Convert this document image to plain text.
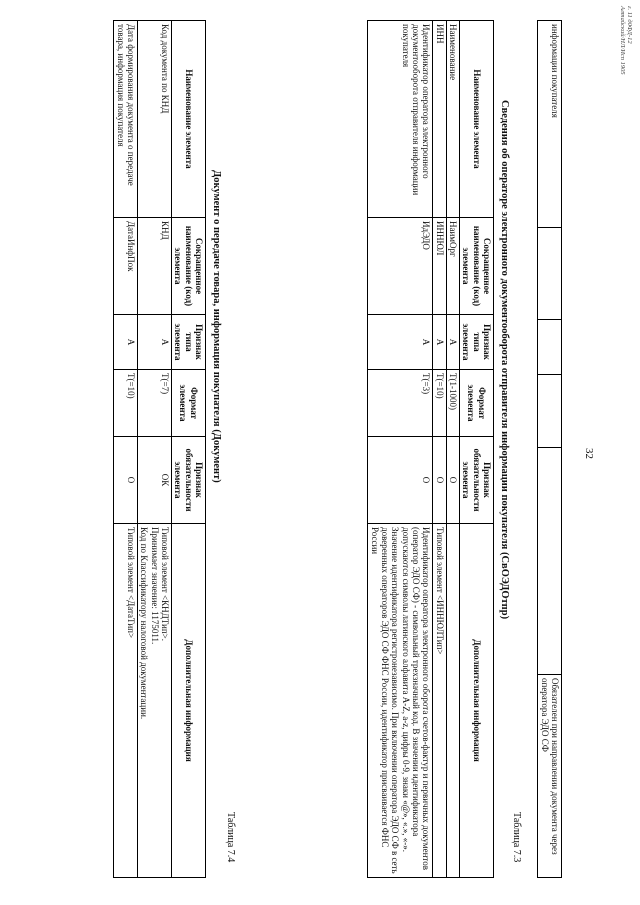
32
информации покупателя					Обязателен при направлении документа через оператора ЭДО СФ
Таблица 7.3
Сведения об операторе электронного документооборота отправителя информации покупателя (СвОЭДОтпр)
Наименование элемента	Сокращенное наименование (код) элемента	Признак типа элемента	Формат элемента	Признак обязательности элемента	Дополнительная информация
Наименование	НаимОрг	А	T(1-1000)	О	
ИНН	ИННЮЛ	А	T(=10)	О	Типовой элемент <ИННЮЛТип>
Идентификатор оператора электронного документооборота отправителя информации покупателя	ИдЭДО	А	T(=3)	О	Идентификатор оператора электронного оборота счетов-фактур и первичных документов (оператор ЭДО СФ) - символьный трехзначный код. В значении идентификатора допускаются символы латинского алфавита A-Z, a-z, цифры 0-9, знаки «@», «.», «-». Значение идентификатора регистронезависимо. При включении оператора ЭДО СФ в сеть доверенных операторов ЭДО СФ ФНС России, идентификатор присваивается ФНС России
Таблица 7.4
Документ о передаче товара, информация покупателя (Документ)
Наименование элемента	Сокращенное наименование (код) элемента	Признак типа элемента	Формат элемента	Признак обязательности элемента	Дополнительная информация
Код документа по КНД	КНД	А	T(=7)	ОК	Типовой элемент <КНДТип>.
Принимает значение: 1175011.
Код по Классификатору налоговой документации.
Дата формирования документа о передаче товара, информация покупателя	ДатаИнфПок	А	T(=10)	О	Типовой элемент <ДатаТип>
г. 11 д0ФД-12
Алтайский/НЛ/Исп 1905
